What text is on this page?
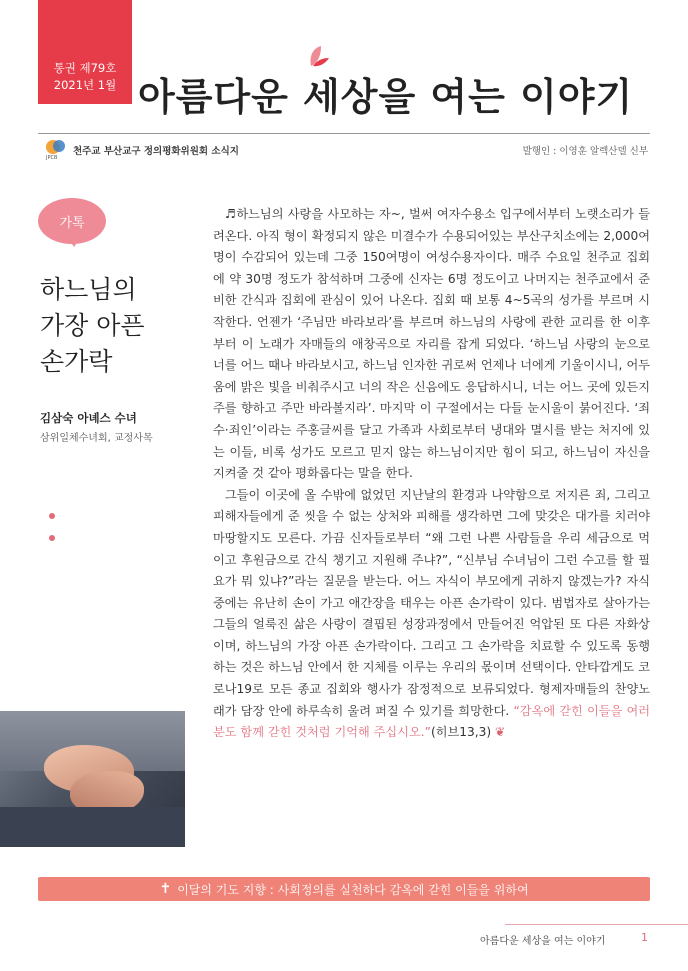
통권 제79호
2021년 1월 아름다운 세상을 여는 이야기
JPCB
천주교 부산교구 정의평화위원회 소식지	발행인 : 이영훈 알렉산델 신부
가톡
하느님의
가장 아픈
손가락
김삼숙 아녜스 수녀
삼위일체수녀회, 교정사목

♬하느님의 사랑을 사모하는 자~, 벌써 여자수용소 입구에서부터 노랫소리가 들려온다. 아직 형이 확정되지 않은 미결수가 수용되어있는 부산구치소에는 2,000여명이 수감되어 있는데 그중 150여명이 여성수용자이다. 매주 수요일 천주교 집회에 약 30명 정도가 참석하며 그중에 신자는 6명 정도이고 나머지는 천주교에서 준비한 간식과 집회에 관심이 있어 나온다. 집회 때 보통 4~5곡의 성가를 부르며 시작한다. 언젠가 ‘주님만 바라보라’를 부르며 하느님의 사랑에 관한 교리를 한 이후부터 이 노래가 자매들의 애창곡으로 자리를 잡게 되었다. ‘하느님 사랑의 눈으로 너를 어느 때나 바라보시고, 하느님 인자한 귀로써 언제나 너에게 기울이시니, 어두움에 밝은 빛을 비춰주시고 너의 작은 신음에도 응답하시니, 너는 어느 곳에 있든지 주를 향하고 주만 바라볼지라’. 마지막 이 구절에서는 다들 눈시울이 붉어진다. ‘죄수·죄인’이라는 주홍글씨를 달고 가족과 사회로부터 냉대와 멸시를 받는 처지에 있는 이들, 비록 성가도 모르고 믿지 않는 하느님이지만 힘이 되고, 하느님이 자신을 지켜줄 것 같아 평화롭다는 말을 한다.

그들이 이곳에 올 수밖에 없었던 지난날의 환경과 나약함으로 저지른 죄, 그리고 피해자들에게 준 씻을 수 없는 상처와 피해를 생각하면 그에 맞갖은 대가를 치러야 마땅할지도 모른다. 가끔 신자들로부터 “왜 그런 나쁜 사람들을 우리 세금으로 먹이고 후원금으로 간식 챙기고 지원해 주냐?”, “신부님 수녀님이 그런 수고를 할 필요가 뭐 있냐?”라는 질문을 받는다. 어느 자식이 부모에게 귀하지 않겠는가? 자식 중에는 유난히 손이 가고 애간장을 태우는 아픈 손가락이 있다. 범법자로 살아가는 그들의 얼룩진 삶은 사랑이 결핍된 성장과정에서 만들어진 억압된 또 다른 자화상이며, 하느님의 가장 아픈 손가락이다. 그리고 그 손가락을 치료할 수 있도록 동행하는 것은 하느님 안에서 한 지체를 이루는 우리의 몫이며 선택이다. 안타깝게도 코로나19로 모든 종교 집회와 행사가 잠정적으로 보류되었다. 형제자매들의 찬양노래가 담장 안에 하루속히 울려 퍼질 수 있기를 희망한다. “감옥에 갇힌 이들을 여러분도 함께 갇힌 것처럼 기억해 주십시오.”(히브13,3) ❦

✝ 이달의 기도 지향 : 사회정의를 실천하다 감옥에 갇힌 이들을 위하여
아름다운 세상을 여는 이야기	1
